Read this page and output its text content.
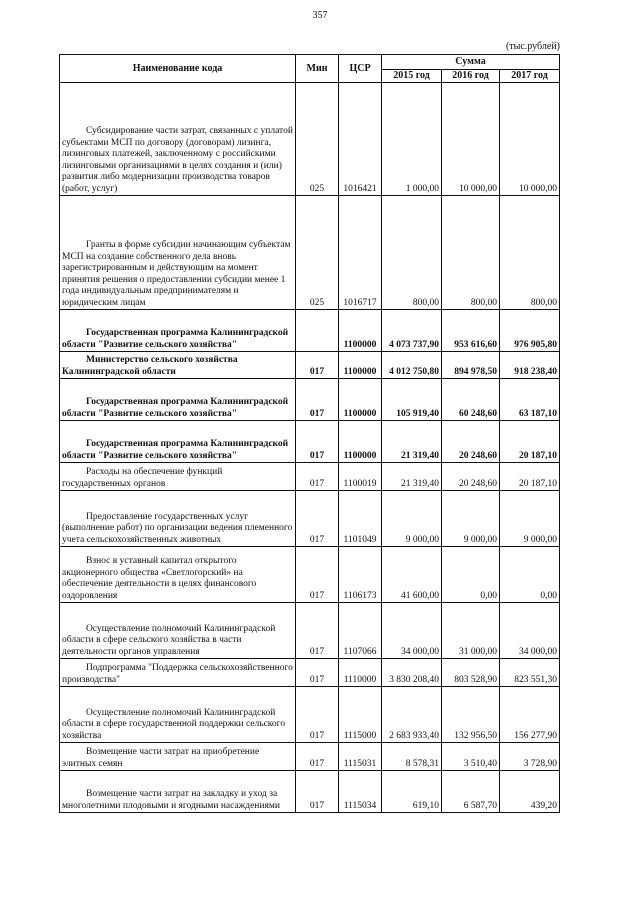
357
(тыс.рублей)
Наименование кода	Мин	ЦСР	Сумма		
			2015 год	2016 год	2017 год
Субсидирование части затрат, связанных с уплатой субъектами МСП по договору (договорам) лизинга, лизинговых платежей, заключенному с российскими лизинговыми организациями в целях создания и (или) развития либо модернизации производства товаров (работ, услуг)	025	1016421	1 000,00	10 000,00	10 000,00
Гранты в форме субсидии начинающим субъектам МСП на создание собственного дела вновь зарегистрированным и действующим на момент принятия решения о предоставлении субсидии менее 1 года индивидуальным предпринимателям и юридическим лицам	025	1016717	800,00	800,00	800,00
Государственная программа Калининградской области "Развитие сельского хозяйства"		1100000	4 073 737,90	953 616,60	976 905,80
Министерство сельского хозяйства Калининградской области	017	1100000	4 012 750,80	894 978,50	918 238,40
Государственная программа Калининградской области "Развитие сельского хозяйства"	017	1100000	105 919,40	60 248,60	63 187,10
Государственная программа Калининградской области "Развитие сельского хозяйства"	017	1100000	21 319,40	20 248,60	20 187,10
Расходы на обеспечение функций государственных органов	017	1100019	21 319,40	20 248,60	20 187,10
Предоставление государственных услуг (выполнение работ) по организации ведения племенного учета сельскохозяйственных животных	017	1101049	9 000,00	9 000,00	9 000,00
Взнос в уставный капитал открытого акционерного общества «Светлогорский» на обеспечение деятельности в целях финансового оздоровления	017	1106173	41 600,00	0,00	0,00
Осуществление полномочий Калининградской области в сфере сельского хозяйства в части деятельности органов управления	017	1107066	34 000,00	31 000,00	34 000,00
Подпрограмма "Поддержка сельскохозяйственного производства"	017	1110000	3 830 208,40	803 528,90	823 551,30
Осуществление полномочий Калининградской области в сфере государственной поддержки сельского хозяйства	017	1115000	2 683 933,40	132 956,50	156 277,90
Возмещение части затрат на приобретение элитных семян	017	1115031	8 578,31	3 510,40	3 728,90
Возмещение части затрат на закладку и уход за многолетними плодовыми и ягодными насаждениями	017	1115034	619,10	6 587,70	439,20
